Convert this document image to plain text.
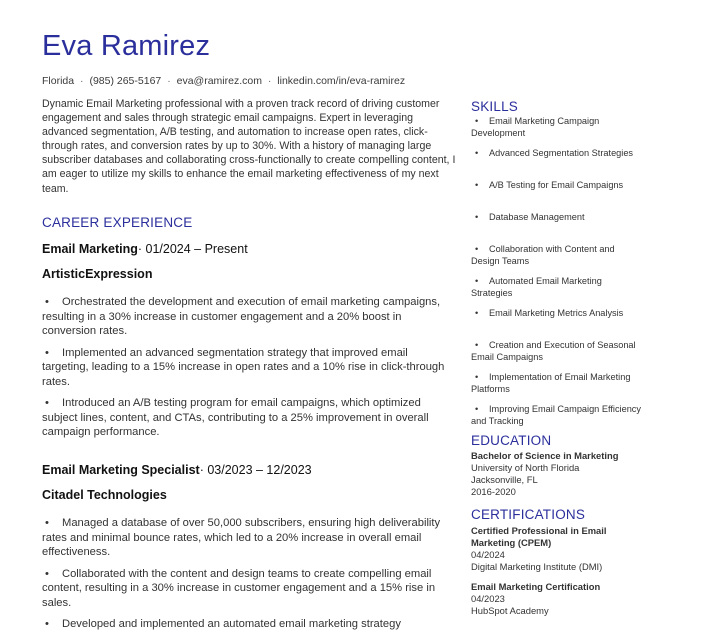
Eva Ramirez
Florida · (985) 265-5167 · eva@ramirez.com · linkedin.com/in/eva-ramirez
Dynamic Email Marketing professional with a proven track record of driving customer engagement and sales through strategic email campaigns. Expert in leveraging advanced segmentation, A/B testing, and automation to increase open rates, click-through rates, and conversion rates by up to 30%. With a history of managing large subscriber databases and collaborating cross-functionally to create compelling content, I am eager to utilize my skills to enhance the email marketing effectiveness of my next team.
CAREER EXPERIENCE
Email Marketing· 01/2024 – Present
ArtisticExpression
• Orchestrated the development and execution of email marketing campaigns, resulting in a 30% increase in customer engagement and a 20% boost in conversion rates.
• Implemented an advanced segmentation strategy that improved email targeting, leading to a 15% increase in open rates and a 10% rise in click-through rates.
• Introduced an A/B testing program for email campaigns, which optimized subject lines, content, and CTAs, contributing to a 25% improvement in overall campaign performance.
Email Marketing Specialist· 03/2023 – 12/2023
Citadel Technologies
• Managed a database of over 50,000 subscribers, ensuring high deliverability rates and minimal bounce rates, which led to a 20% increase in overall email effectiveness.
• Collaborated with the content and design teams to create compelling email content, resulting in a 30% increase in customer engagement and a 15% rise in sales.
• Developed and implemented an automated email marketing strategy
SKILLS
• Email Marketing Campaign Development
• Advanced Segmentation Strategies
• A/B Testing for Email Campaigns
• Database Management
• Collaboration with Content and Design Teams
• Automated Email Marketing Strategies
• Email Marketing Metrics Analysis
• Creation and Execution of Seasonal Email Campaigns
• Implementation of Email Marketing Platforms
• Improving Email Campaign Efficiency and Tracking
EDUCATION
Bachelor of Science in Marketing
University of North Florida
Jacksonville, FL
2016-2020
CERTIFICATIONS
Certified Professional in Email Marketing (CPEM)
04/2024
Digital Marketing Institute (DMI)
Email Marketing Certification
04/2023
HubSpot Academy
